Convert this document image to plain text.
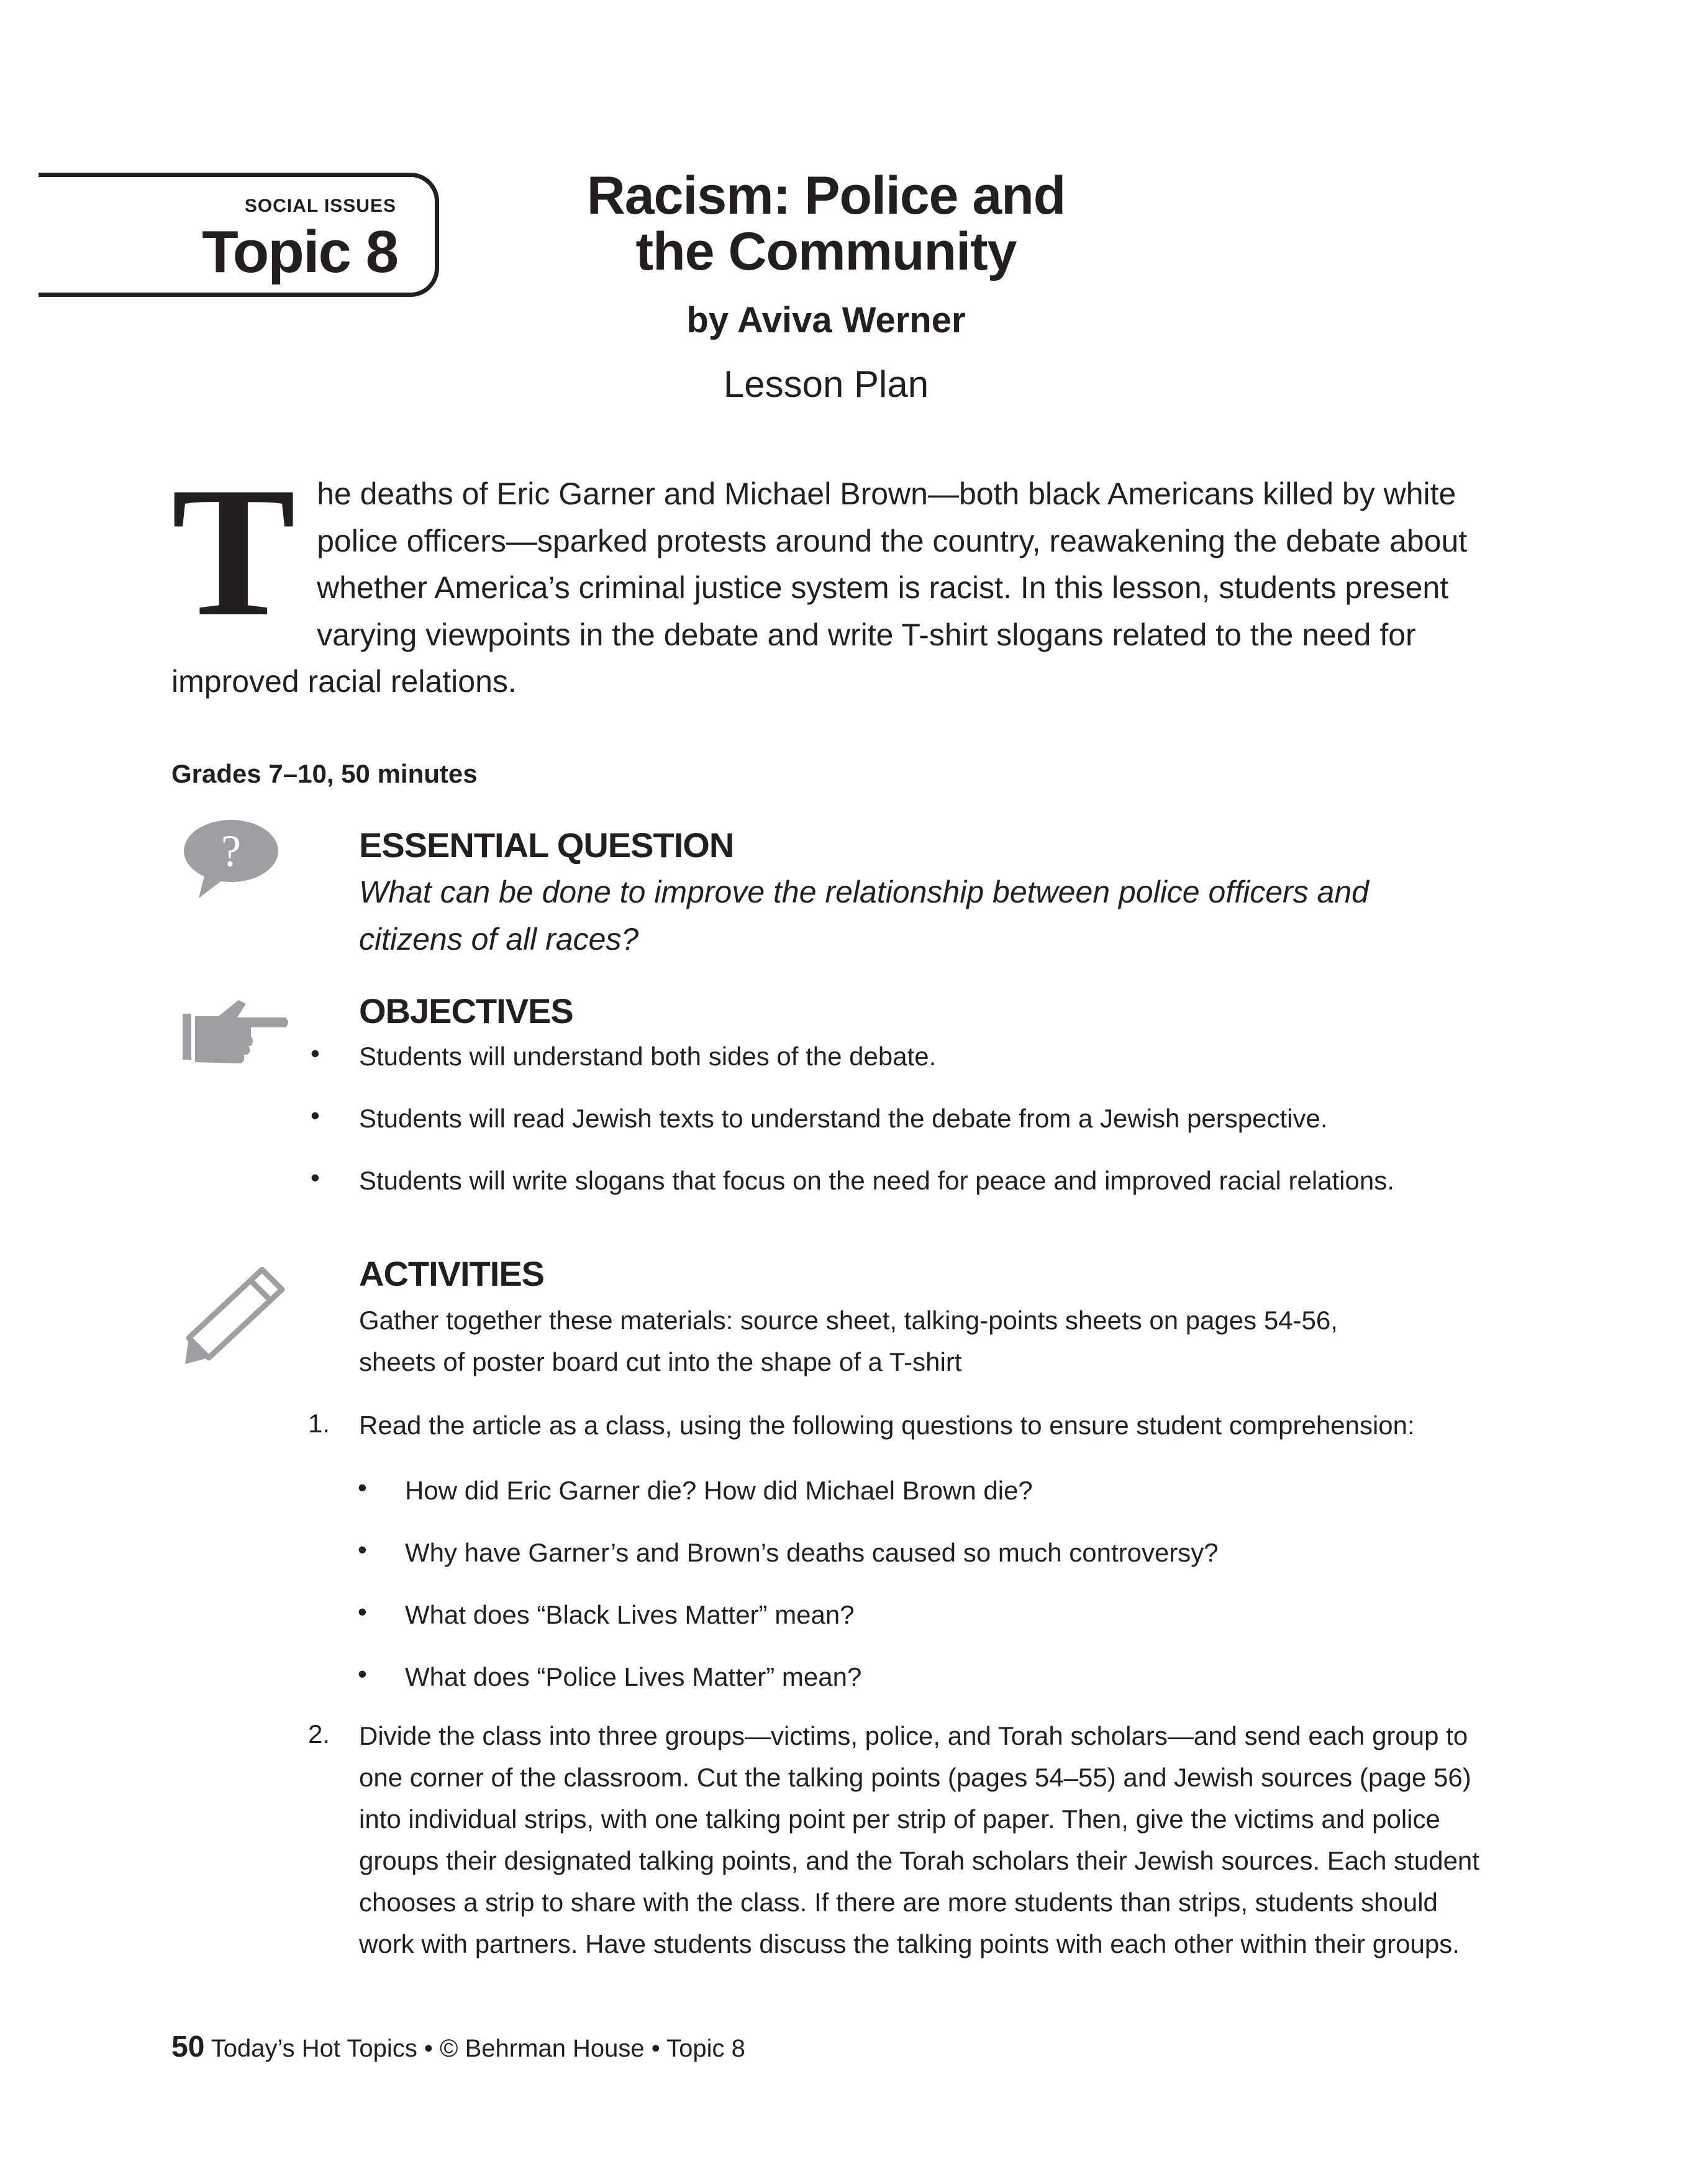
SOCIAL ISSUES
Topic 8
Racism: Police and
the Community
by Aviva Werner
Lesson Plan
The deaths of Eric Garner and Michael Brown—both black Americans killed by white police officers—sparked protests around the country, reawakening the debate about whether America’s criminal justice system is racist. In this lesson, students present varying viewpoints in the debate and write T-shirt slogans related to the need for improved racial relations.
Grades 7–10, 50 minutes
?	ESSENTIAL QUESTION
What can be done to improve the relationship between police officers and
citizens of all races?
OBJECTIVES
• Students will understand both sides of the debate.
• Students will read Jewish texts to understand the debate from a Jewish perspective.
• Students will write slogans that focus on the need for peace and improved racial relations.
ACTIVITIES
Gather together these materials: source sheet, talking-points sheets on pages 54-56,
sheets of poster board cut into the shape of a T-shirt
1. Read the article as a class, using the following questions to ensure student comprehension:
• How did Eric Garner die? How did Michael Brown die?
• Why have Garner’s and Brown’s deaths caused so much controversy?
• What does “Black Lives Matter” mean?
• What does “Police Lives Matter” mean?
2. Divide the class into three groups—victims, police, and Torah scholars—and send each group to one corner of the classroom. Cut the talking points (pages 54–55) and Jewish sources (page 56) into individual strips, with one talking point per strip of paper. Then, give the victims and police groups their designated talking points, and the Torah scholars their Jewish sources. Each student chooses a strip to share with the class. If there are more students than strips, students should work with partners. Have students discuss the talking points with each other within their groups.
50 Today’s Hot Topics • © Behrman House • Topic 8
